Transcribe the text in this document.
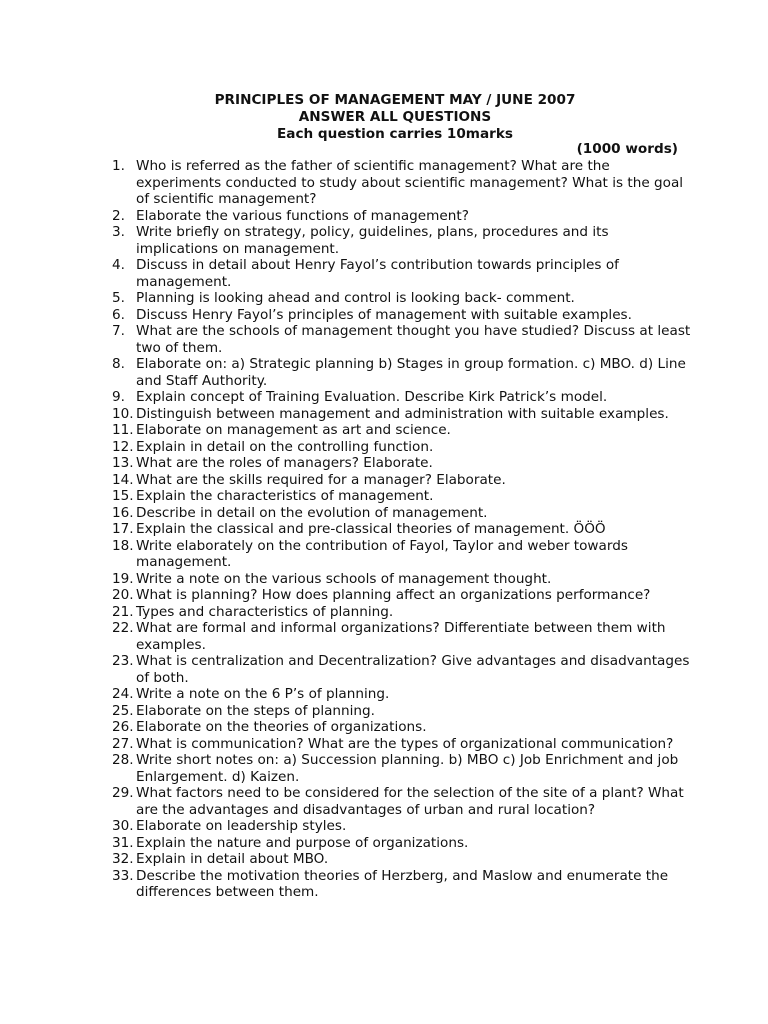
PRINCIPLES OF MANAGEMENT MAY / JUNE 2007
ANSWER ALL QUESTIONS
Each question carries 10marks
(1000 words)
1. Who is referred as the father of scientific management? What are the experiments conducted to study about scientific management? What is the goal of scientific management?
2. Elaborate the various functions of management?
3. Write briefly on strategy, policy, guidelines, plans, procedures and its implications on management.
4. Discuss in detail about Henry Fayol’s contribution towards principles of management.
5. Planning is looking ahead and control is looking back- comment.
6. Discuss Henry Fayol’s principles of management with suitable examples.
7. What are the schools of management thought you have studied? Discuss at least two of them.
8. Elaborate on: a) Strategic planning b) Stages in group formation. c) MBO. d) Line and Staff Authority.
9. Explain concept of Training Evaluation. Describe Kirk Patrick’s model.
10. Distinguish between management and administration with suitable examples.
11. Elaborate on management as art and science.
12. Explain in detail on the controlling function.
13. What are the roles of managers? Elaborate.
14. What are the skills required for a manager? Elaborate.
15. Explain the characteristics of management.
16. Describe in detail on the evolution of management.
17. Explain the classical and pre-classical theories of management. ÖÖÖ
18. Write elaborately on the contribution of Fayol, Taylor and weber towards management.
19. Write a note on the various schools of management thought.
20. What is planning? How does planning affect an organizations performance?
21. Types and characteristics of planning.
22. What are formal and informal organizations? Differentiate between them with examples.
23. What is centralization and Decentralization? Give advantages and disadvantages of both.
24. Write a note on the 6 P’s of planning.
25. Elaborate on the steps of planning.
26. Elaborate on the theories of organizations.
27. What is communication? What are the types of organizational communication?
28. Write short notes on: a) Succession planning. b) MBO c) Job Enrichment and job Enlargement. d) Kaizen.
29. What factors need to be considered for the selection of the site of a plant? What are the advantages and disadvantages of urban and rural location?
30. Elaborate on leadership styles.
31. Explain the nature and purpose of organizations.
32. Explain in detail about MBO.
33. Describe the motivation theories of Herzberg, and Maslow and enumerate the differences between them.
